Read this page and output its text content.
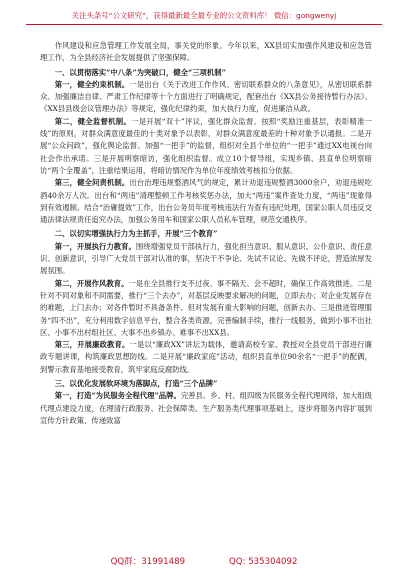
关注头条号“公文研究”，获得最新最全最专业的公文资料库！ 微信：gongwenyj

作风建设和应急管理工作发展全局，事关党的形象。今年以来，XX县切实加强作风建设和应急管理工作，为全县经济社会发展提供了坚强保障。

一、以贯彻落实“中八条”为突破口，健全“三项机制”

第一，健全约束机制。一是出台《关于改进工作作风、密切联系群众的八条意见》，从密切联系群众、加强廉洁自律、严肃工作纪律等十个方面进行了明确规定，配套出台《XX县公务接待暂行办法》、《XX县县级会议管理办法》等规定，强化纪律约束，加大执行力度，促进廉洁从政。

第二，健全监督机制。一是开展“双十”评议，强化群众监督。按照“奖励注重基层，表彰精准一线”的原则，对群众满意度最佳的十类对象予以表彰，对群众满意度最差的十种对象予以通报。二是开展“公众问政”，强化舆论监督。加强“一把手”的监督，组织对全县个单位的“一把手”通过XX电视台向社会作出承诺。三是开展明察暗访，强化组织监督。成立10个督导组，实现乡镇、县直单位明察暗访“两个全覆盖”，注重结果运用，将暗访情况作为单位年度绩效考核扣分依据。

第三，健全问责机制。出台治理违规整酒风气的规定，累计劝退违规整酒3000余户，劝退违规吃酒40余万人次。出台和“两违”清理整顿工作考核奖惩办法，加大“两违”案件查处力度，“两违”现象得到有效遏制。结合“治庸提效”工作，出台公务员年度考核违法行为查有违纪处理，国家公职人员违反交通法律法规责任追究办法，加强公务用车和国家公职人员私车管理，规范交通秩序。

二、以切实增强执行力为主抓手，开展“三个教育”

第一，开展执行力教育。围绕增强党员干部执行力，强化担当意识、服从意识、公仆意识、责任意识、创新意识，引导广大党员干部对认准的事，坚决干不争论、先试不议论、先做不评论，营造浓厚发展氛围。

第二，开展作风教育。一是在全县推行支不过夜、事不隔天、会不超时，确保工作高效推进。二是针对不同对象和不同需要，推行“三个去办”，对基层反映要求解决的问题，立即去办；对企业发展存在的难题，上门去办；对各件暂时不具备条件、但对发展有重大影响的问题，创新去办。三是推进管理服务“四不出”，充分利用数字信息平台，整合各类资源，完善编制手续，推行一线服务，做到小事不出社区、小事不出村组社区、大事不出乡镇办、难事不出XX县。

第三，开展廉政教育。一是以“廉政XX”讲坛为载体，邀请高校专家、教授对全县党员干部进行廉政专题讲课，构筑廉政思想防线。二是开展“廉政家庭”活动，组织县直单位90余名“一把手”的配偶，到警示教育基地接受教育，筑牢家庭反腐防线。

三、以优化发展软环境为落脚点，打造“三个品牌”

第一，打造“为民服务全程代理”品牌。完善县、乡、村、组四级为民服务全程代理网络，加大组级代理点建设力度，在理清行政服务、社会保障类、生产服务类代理事项基础上，逐步将服务内容扩展到宣传方针政策、传递致富

QQ群：31991489	QQ: 535304092
